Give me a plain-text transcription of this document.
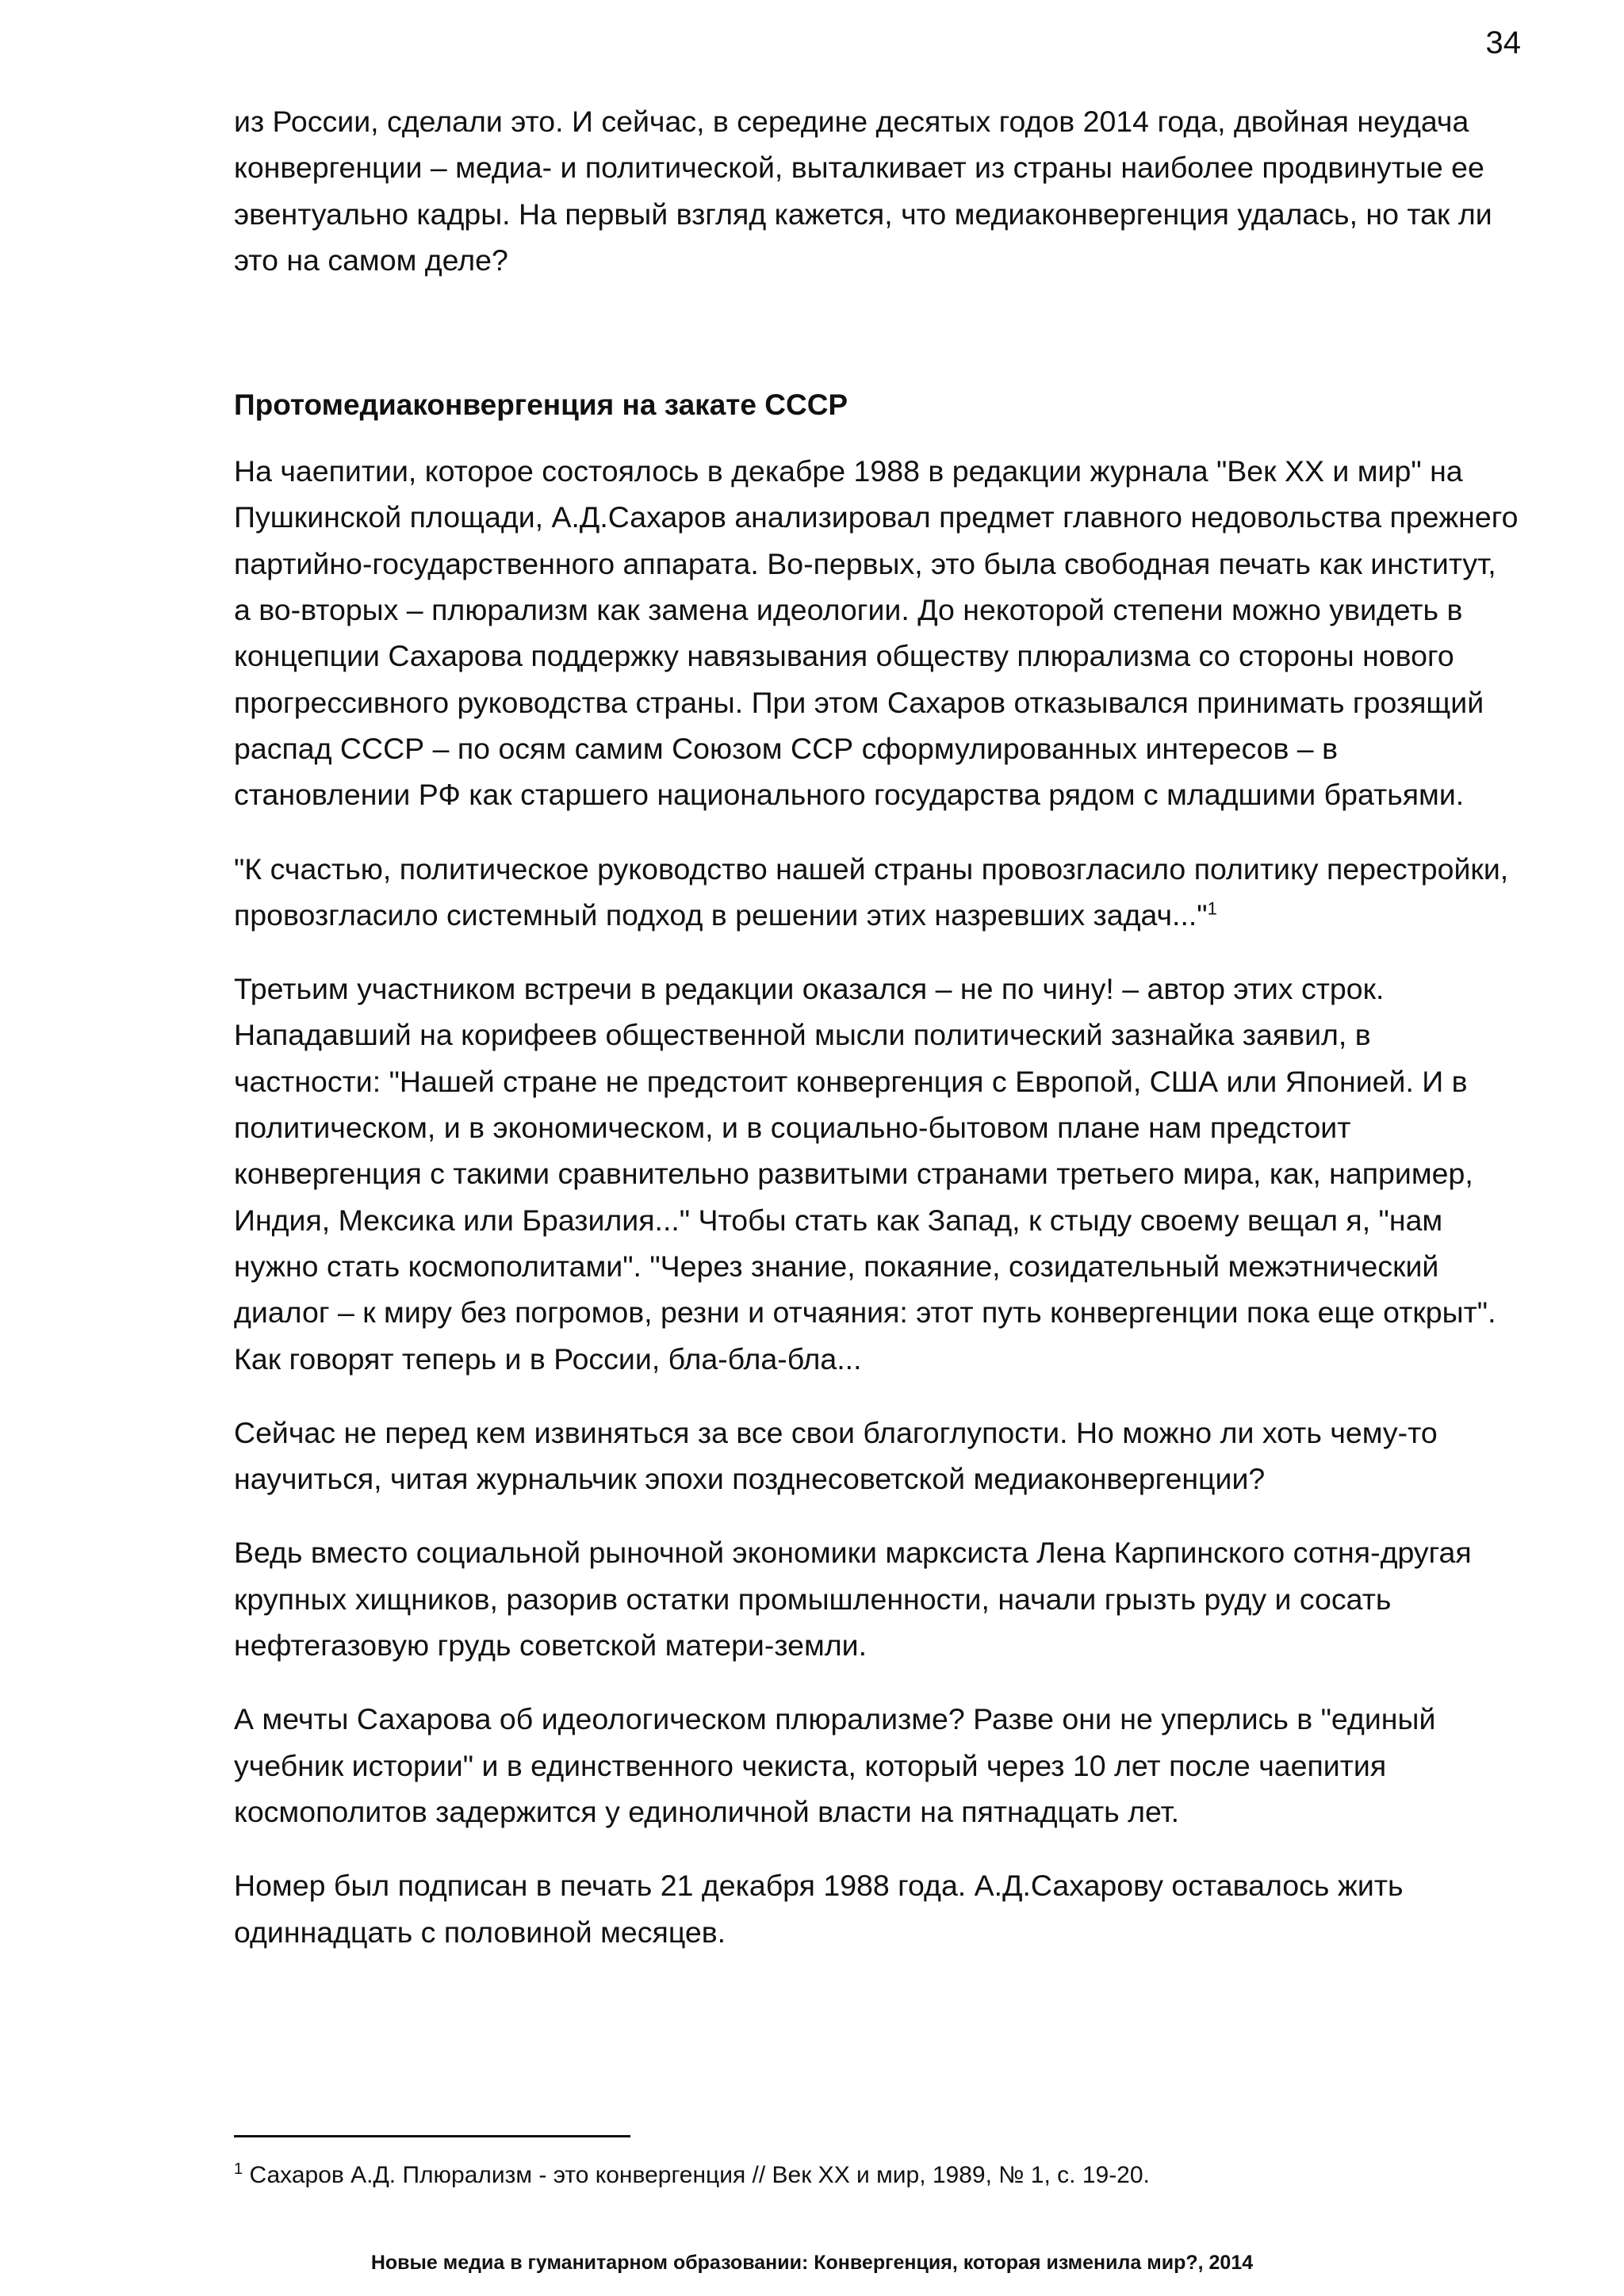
34

из России, сделали это. И сейчас, в середине десятых годов 2014 года, двойная неудача конвергенции – медиа- и политической, выталкивает из страны наиболее продвинутые ее эвентуально кадры. На первый взгляд кажется, что медиаконвергенция удалась, но так ли это на самом деле?

Протомедиаконвергенция на закате СССР

На чаепитии, которое состоялось в декабре 1988 в редакции журнала "Век XX и мир" на Пушкинской площади, А.Д.Сахаров анализировал предмет главного недовольства прежнего партийно-государственного аппарата. Во-первых, это была свободная печать как институт, а во-вторых – плюрализм как замена идеологии. До некоторой степени можно увидеть в концепции Сахарова поддержку навязывания обществу плюрализма со стороны нового прогрессивного руководства страны. При этом Сахаров отказывался принимать грозящий распад СССР – по осям самим Союзом ССР сформулированных интересов – в становлении РФ как старшего национального государства рядом с младшими братьями.

"К счастью, политическое руководство нашей страны провозгласило политику перестройки, провозгласило системный подход в решении этих назревших задач..."$^1$

Третьим участником встречи в редакции оказался – не по чину! – автор этих строк. Нападавший на корифеев общественной мысли политический зазнайка заявил, в частности: "Нашей стране не предстоит конвергенция с Европой, США или Японией. И в политическом, и в экономическом, и в социально-бытовом плане нам предстоит конвергенция с такими сравнительно развитыми странами третьего мира, как, например, Индия, Мексика или Бразилия..." Чтобы стать как Запад, к стыду своему вещал я, "нам нужно стать космополитами". "Через знание, покаяние, созидательный межэтнический диалог – к миру без погромов, резни и отчаяния: этот путь конвергенции пока еще открыт". Как говорят теперь и в России, бла-бла-бла...

Сейчас не перед кем извиняться за все свои благоглупости. Но можно ли хоть чему-то научиться, читая журнальчик эпохи позднесоветской медиаконвергенции?

Ведь вместо социальной рыночной экономики марксиста Лена Карпинского сотня-другая крупных хищников, разорив остатки промышленности, начали грызть руду и сосать нефтегазовую грудь советской матери-земли.

А мечты Сахарова об идеологическом плюрализме? Разве они не уперлись в "единый учебник истории" и в единственного чекиста, который через 10 лет после чаепития космополитов задержится у единоличной власти на пятнадцать лет.

Номер был подписан в печать 21 декабря 1988 года. А.Д.Сахарову оставалось жить одиннадцать с половиной месяцев.

$^1$ Сахаров А.Д. Плюрализм - это конвергенция // Век XX и мир, 1989, № 1, с. 19-20.
Новые медиа в гуманитарном образовании: Конвергенция, которая изменила мир?, 2014
